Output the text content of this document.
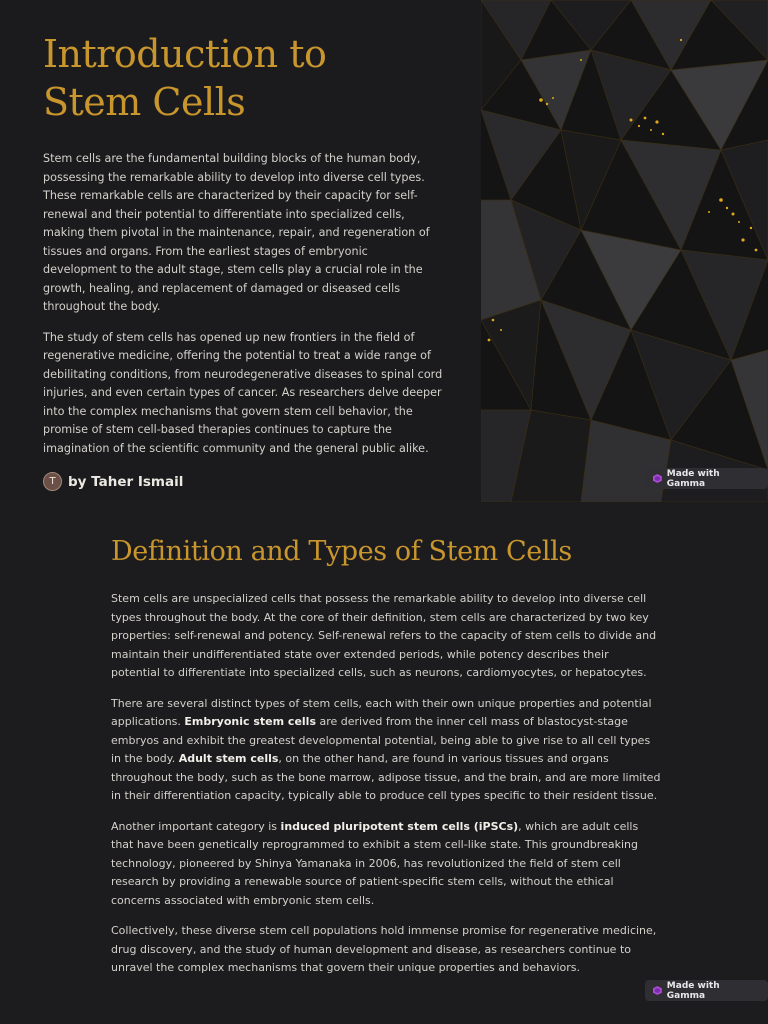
Introduction to
Stem Cells

Stem cells are the fundamental building blocks of the human body, possessing the remarkable ability to develop into diverse cell types. These remarkable cells are characterized by their capacity for self-renewal and their potential to differentiate into specialized cells, making them pivotal in the maintenance, repair, and regeneration of tissues and organs. From the earliest stages of embryonic development to the adult stage, stem cells play a crucial role in the growth, healing, and replacement of damaged or diseased cells throughout the body.

The study of stem cells has opened up new frontiers in the field of regenerative medicine, offering the potential to treat a wide range of debilitating conditions, from neurodegenerative diseases to spinal cord injuries, and even certain types of cancer. As researchers delve deeper into the complex mechanisms that govern stem cell behavior, the promise of stem cell-based therapies continues to capture the imagination of the scientific community and the general public alike.

T by Taher Ismail	Made with Gamma
Definition and Types of Stem Cells

Stem cells are unspecialized cells that possess the remarkable ability to develop into diverse cell types throughout the body. At the core of their definition, stem cells are characterized by two key properties: self-renewal and potency. Self-renewal refers to the capacity of stem cells to divide and maintain their undifferentiated state over extended periods, while potency describes their potential to differentiate into specialized cells, such as neurons, cardiomyocytes, or hepatocytes.

There are several distinct types of stem cells, each with their own unique properties and potential applications. Embryonic stem cells are derived from the inner cell mass of blastocyst-stage embryos and exhibit the greatest developmental potential, being able to give rise to all cell types in the body. Adult stem cells, on the other hand, are found in various tissues and organs throughout the body, such as the bone marrow, adipose tissue, and the brain, and are more limited in their differentiation capacity, typically able to produce cell types specific to their resident tissue.

Another important category is induced pluripotent stem cells (iPSCs), which are adult cells that have been genetically reprogrammed to exhibit a stem cell-like state. This groundbreaking technology, pioneered by Shinya Yamanaka in 2006, has revolutionized the field of stem cell research by providing a renewable source of patient-specific stem cells, without the ethical concerns associated with embryonic stem cells.

Collectively, these diverse stem cell populations hold immense promise for regenerative medicine, drug discovery, and the study of human development and disease, as researchers continue to unravel the complex mechanisms that govern their unique properties and behaviors.

Made with Gamma
